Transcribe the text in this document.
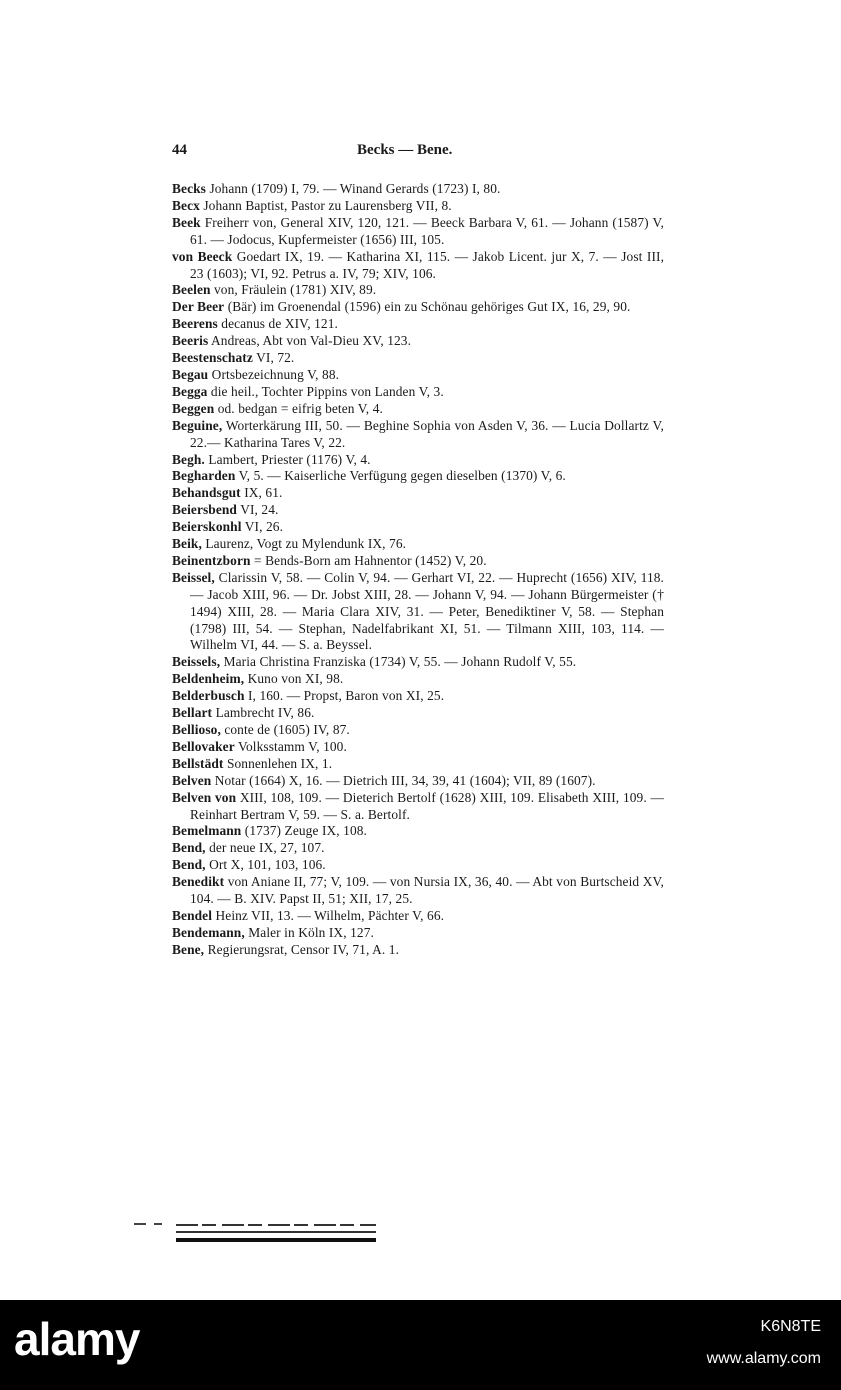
44	Becks — Bene.
Becks Johann (1709) I, 79. — Winand Gerards (1723) I, 80.
Becx Johann Baptist, Pastor zu Laurensberg VII, 8.
Beek Freiherr von, General XIV, 120, 121. — Beeck Barbara V, 61. — Johann (1587) V, 61. — Jodocus, Kupfermeister (1656) III, 105.
von Beeck Goedart IX, 19. — Katharina XI, 115. — Jakob Licent. jur X, 7. — Jost III, 23 (1603); VI, 92. Petrus a. IV, 79; XIV, 106.
Beelen von, Fräulein (1781) XIV, 89.
Der Beer (Bär) im Groenendal (1596) ein zu Schönau gehöriges Gut IX, 16, 29, 90.
Beerens decanus de XIV, 121.
Beeris Andreas, Abt von Val-Dieu XV, 123.
Beestenschatz VI, 72.
Begau Ortsbezeichnung V, 88.
Begga die heil., Tochter Pippins von Landen V, 3.
Beggen od. bedgan = eifrig beten V, 4.
Beguine, Worterkärung III, 50. — Beghine Sophia von Asden V, 36. — Lucia Dollartz V, 22.— Katharina Tares V, 22.
Begh. Lambert, Priester (1176) V, 4.
Begharden V, 5. — Kaiserliche Verfügung gegen dieselben (1370) V, 6.
Behandsgut IX, 61.
Beiersbend VI, 24.
Beierskonhl VI, 26.
Beik, Laurenz, Vogt zu Mylendunk IX, 76.
Beinentzborn = Bends-Born am Hahnentor (1452) V, 20.
Beissel, Clarissin V, 58. — Colin V, 94. — Gerhart VI, 22. — Huprecht (1656) XIV, 118. — Jacob XIII, 96. — Dr. Jobst XIII, 28. — Johann V, 94. — Johann Bürgermeister († 1494) XIII, 28. — Maria Clara XIV, 31. — Peter, Benediktiner V, 58. — Stephan (1798) III, 54. — Stephan, Nadelfabrikant XI, 51. — Tilmann XIII, 103, 114. — Wilhelm VI, 44. — S. a. Beyssel.
Beissels, Maria Christina Franziska (1734) V, 55. — Johann Rudolf V, 55.
Beldenheim, Kuno von XI, 98.
Belderbusch I, 160. — Propst, Baron von XI, 25.
Bellart Lambrecht IV, 86.
Bellioso, conte de (1605) IV, 87.
Bellovaker Volksstamm V, 100.
Bellstädt Sonnenlehen IX, 1.
Belven Notar (1664) X, 16. — Dietrich III, 34, 39, 41 (1604); VII, 89 (1607).
Belven von XIII, 108, 109. — Dieterich Bertolf (1628) XIII, 109. Elisabeth XIII, 109. — Reinhart Bertram V, 59. — S. a. Bertolf.
Bemelmann (1737) Zeuge IX, 108.
Bend, der neue IX, 27, 107.
Bend, Ort X, 101, 103, 106.
Benedikt von Aniane II, 77; V, 109. — von Nursia IX, 36, 40. — Abt von Burtscheid XV, 104. — B. XIV. Papst II, 51; XII, 17, 25.
Bendel Heinz VII, 13. — Wilhelm, Pächter V, 66.
Bendemann, Maler in Köln IX, 127.
Bene, Regierungsrat, Censor IV, 71, A. 1.
alamy	K6N8TE
www.alamy.com
